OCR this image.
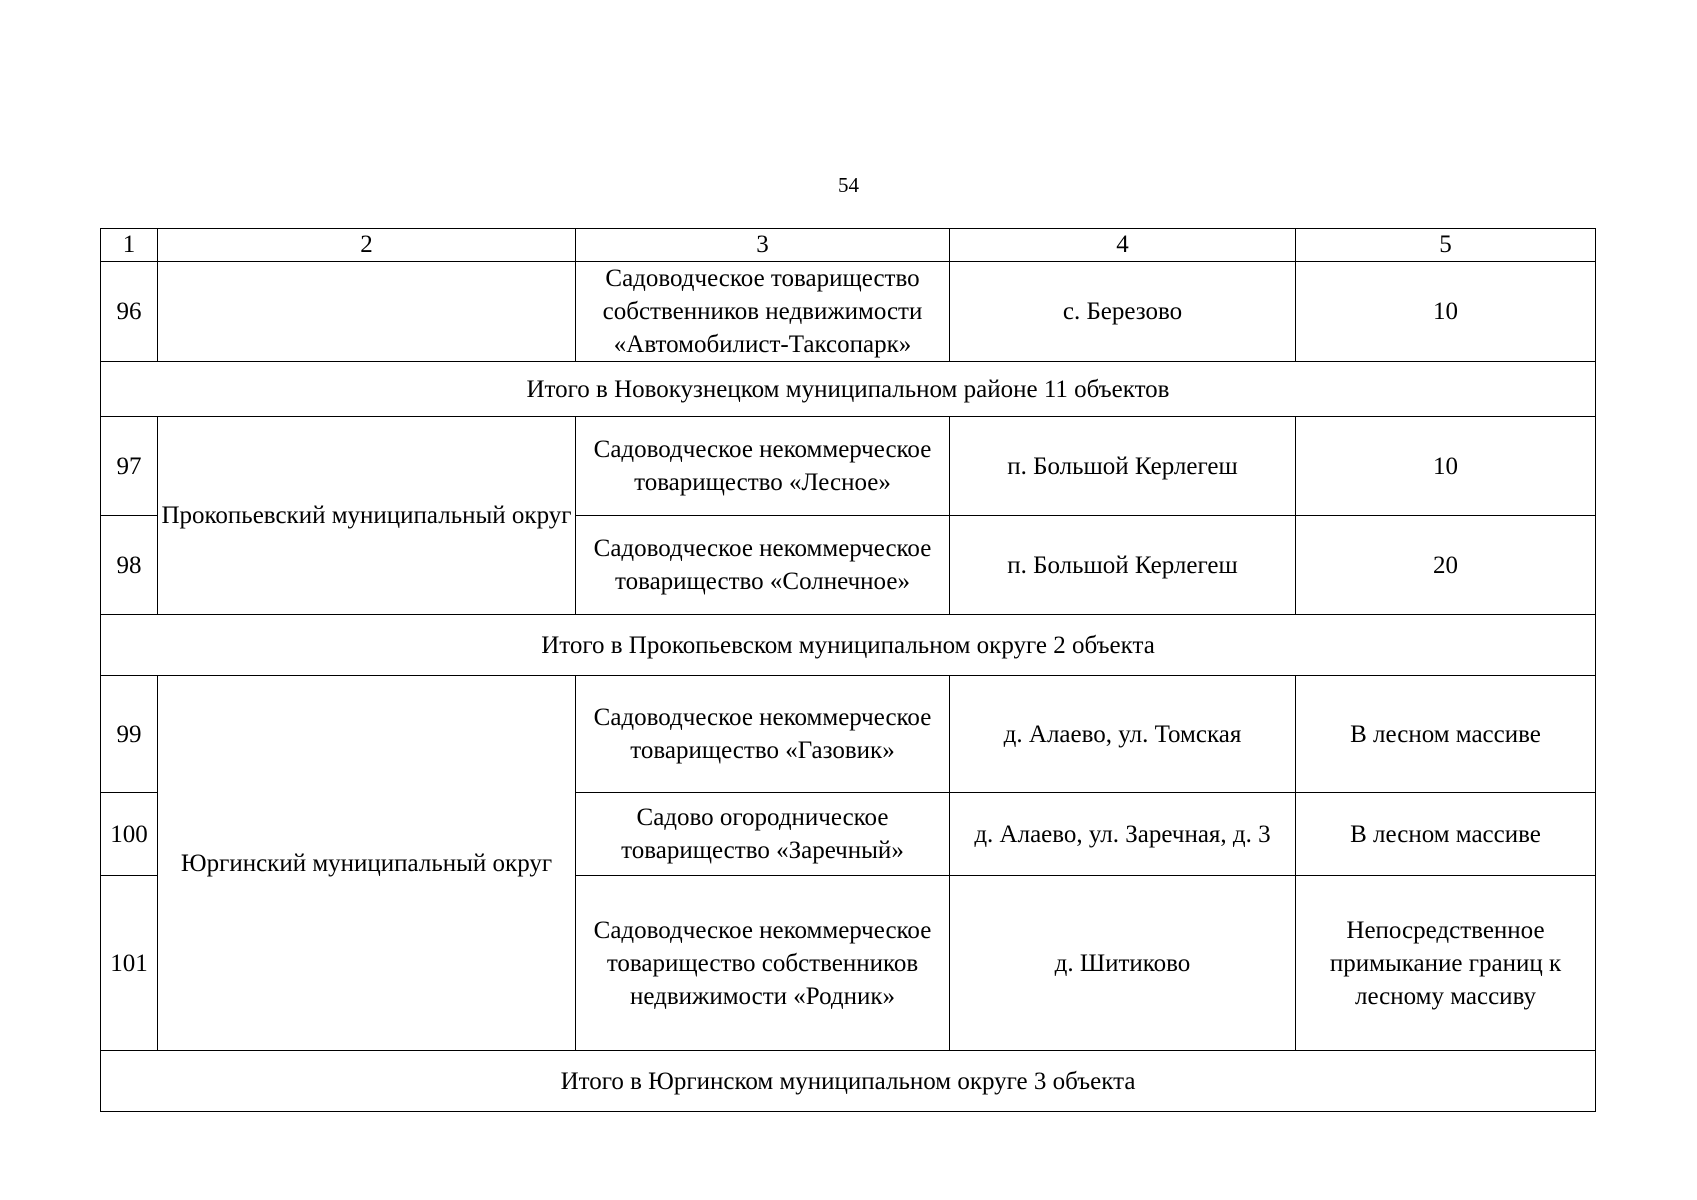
54
1	2	3	4	5
96		Садоводческое товарищество собственников недвижимости «Автомобилист-Таксопарк»	с. Березово	10
Итого в Новокузнецком муниципальном районе 11 объектов				
97	Прокопьевский муниципальный округ	Садоводческое некоммерческое товарищество «Лесное»	п. Большой Керлегеш	10
98		Садоводческое некоммерческое товарищество «Солнечное»	п. Большой Керлегеш	20
Итого в Прокопьевском муниципальном округе 2 объекта				
99	Юргинский муниципальный округ	Садоводческое некоммерческое товарищество «Газовик»	д. Алаево, ул. Томская	В лесном массиве
100		Садово огородническое товарищество «Заречный»	д. Алаево, ул. Заречная, д. 3	В лесном массиве
101		Садоводческое некоммерческое товарищество собственников недвижимости «Родник»	д. Шитиково	Непосредственное примыкание границ к лесному массиву
Итого в Юргинском муниципальном округе 3 объекта				
